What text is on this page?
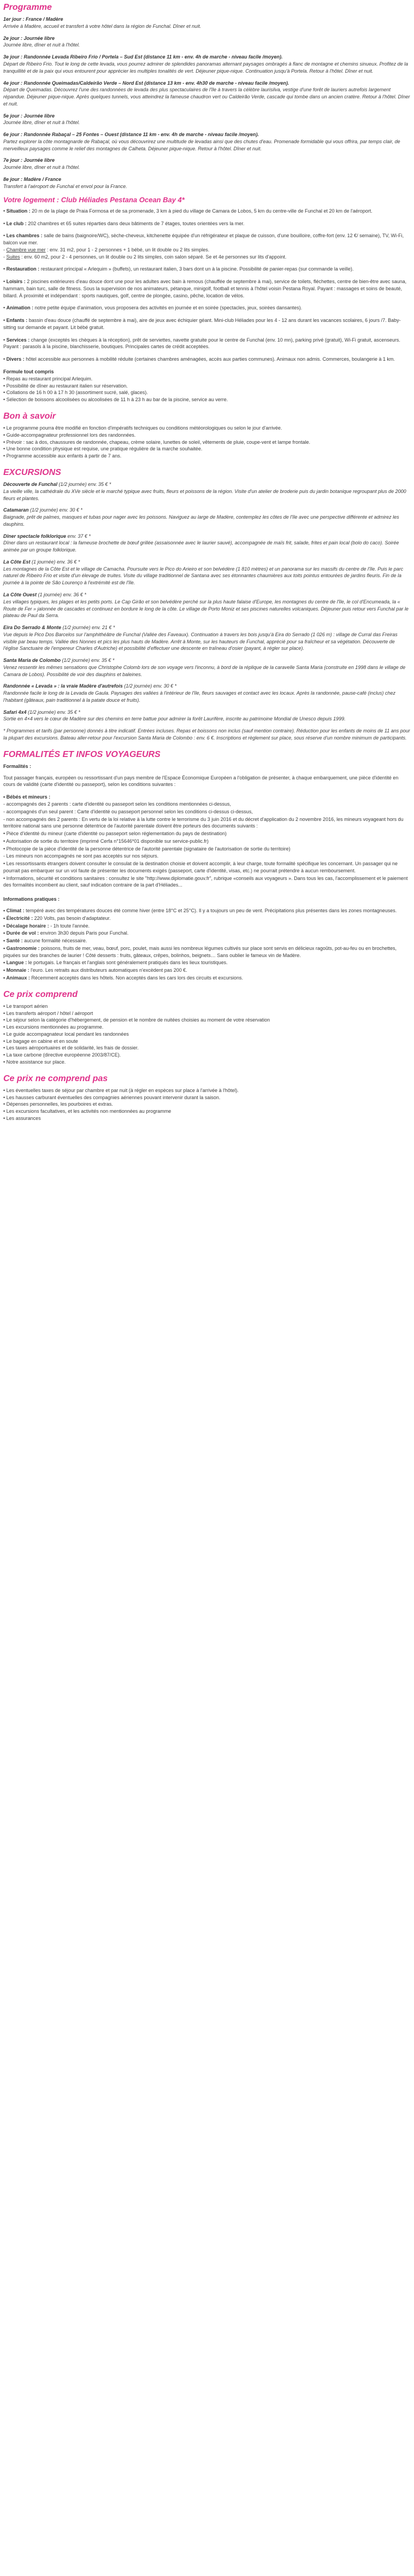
Programme
1er jour : France / Madère
Arrivée à Madère, accueil et transfert à votre hôtel dans la région de Funchal. Dîner et nuit.
2e jour : Journée libre
Journée libre, dîner et nuit à l'hôtel.
3e jour : Randonnée Levada Ribeiro Frio / Portela – Sud Est (distance 11 km - env. 4h de marche - niveau facile /moyen).
Départ de Ribeiro Frio. Tout le long de cette levada, vous pourrez admirer de splendides panoramas alternant paysages ombragés à flanc de montagne et chemins sinueux. Profitez de la tranquillité et de la paix qui vous entourent pour apprécier les multiples tonalités de vert. Déjeuner pique-nique. Continuation jusqu'à Portela. Retour à l'hôtel. Dîner et nuit.
4e jour : Randonnée Queimadas/Caldeirão Verde – Nord Est (distance 13 km - env. 4h30 de marche - niveau facile /moyen).
Départ de Queimadas. Découvrez l'une des randonnées de levada des plus spectaculaires de l'île à travers la célèbre laurisilva, vestige d'une forêt de lauriers autrefois largement répandue. Déjeuner pique-nique. Après quelques tunnels, vous atteindrez la fameuse chaudron vert ou Caldeirão Verde, cascade qui tombe dans un ancien cratère. Retour à l'hôtel. Dîner et nuit.
5e jour : Journée libre
Journée libre, dîner et nuit à l'hôtel.
6e jour : Randonnée Rabaçal – 25 Fontes – Ouest (distance 11 km - env. 4h de marche - niveau facile /moyen).
Partez explorer la côte montagnarde de Rabaçal, où vous découvrirez une multitude de levadas ainsi que des chutes d'eau. Promenade formidable qui vous offrira, par temps clair, de merveilleux paysages comme le relief des montagnes de Calheta. Déjeuner pique-nique. Retour à l'hôtel. Dîner et nuit.
7e jour : Journée libre
Journée libre, dîner et nuit à l'hôtel.
8e jour : Madère / France
Transfert à l'aéroport de Funchal et envol pour la France.
Votre logement : Club Héliades Pestana Ocean Bay 4*
• Situation : 20 m de la plage de Praia Formosa et de sa promenade, 3 km à pied du village de Camara de Lobos, 5 km du centre-ville de Funchal et 20 km de l'aéroport.
• Le club : 202 chambres et 65 suites réparties dans deux bâtiments de 7 étages, toutes orientées vers la mer.
• Les chambres : salle de bains (baignoire/WC), sèche-cheveux, kitchenette équipée d'un réfrigérateur et plaque de cuisson, d'une bouilloire, coffre-fort (env. 12 €/ semaine), TV, Wi-Fi, balcon vue mer.
- Chambre vue mer : env. 31 m2, pour 1 - 2 personnes + 1 bébé, un lit double ou 2 lits simples.
- Suites : env. 60 m2, pour 2 - 4 personnes, un lit double ou 2 lits simples, coin salon séparé. Se et 4e personnes sur lits d'appoint.
• Restauration : restaurant principal « Arlequim » (buffets), un restaurant italien, 3 bars dont un à la piscine. Possibilité de panier-repas (sur commande la veille).
• Loisirs : 2 piscines extérieures d'eau douce dont une pour les adultes avec bain à remous (chauffée de septembre à mai), service de toilets, fléchettes, centre de bien-être avec sauna, hammam, bain turc, salle de fitness. Sous la supervision de nos animateurs, pétanque, minigolf, football et tennis à l'hôtel voisin Pestana Royal. Payant : massages et soins de beauté, billard. À proximité et indépendant : sports nautiques, golf, centre de plongée, casino, pêche, location de vélos.
• Animation : notre petite équipe d'animation, vous proposera des activités en journée et en soirée (spectacles, jeux, soirées dansantes).
• Enfants : bassin d'eau douce (chauffé de septembre à mai), aire de jeux avec échiquier géant. Mini-club Héliades pour les 4 - 12 ans durant les vacances scolaires, 6 jours /7. Baby-sitting sur demande et payant. Lit bébé gratuit.
• Services : change (exceptés les chèques à la réception), prêt de serviettes, navette gratuite pour le centre de Funchal (env. 10 mn), parking privé (gratuit), Wi-Fi gratuit, ascenseurs. Payant : parasols à la piscine, blanchisserie, boutiques. Principales cartes de crédit acceptées.
• Divers : hôtel accessible aux personnes à mobilité réduite (certaines chambres aménagées, accès aux parties communes). Animaux non admis. Commerces, boulangerie à 1 km.
Formule tout compris
• Repas au restaurant principal Arlequim.
• Possibilité de dîner au restaurant italien sur réservation.
• Collations de 16 h 00 à 17 h 30 (assortiment sucré, salé, glaces).
• Sélection de boissons alcoolisées ou alcoolisées de 11 h à 23 h au bar de la piscine, service au verre.
Bon à savoir
• Le programme pourra être modifié en fonction d'impératifs techniques ou conditions météorologiques ou selon le jour d'arrivée.
• Guide-accompagnateur professionnel lors des randonnées.
• Prévoir : sac à dos, chaussures de randonnée, chapeau, crème solaire, lunettes de soleil, vêtements de pluie, coupe-vent et lampe frontale.
• Une bonne condition physique est requise, une pratique régulière de la marche souhaitée.
• Programme accessible aux enfants à partir de 7 ans.
EXCURSIONS
Découverte de Funchal (1/2 journée) env. 35 € *
La vieille ville, la cathédrale du XVe siècle et le marché typique avec fruits, fleurs et poissons de la région. Visite d'un atelier de broderie puis du jardin botanique regroupant plus de 2000 fleurs et plantes.
Catamaran (1/2 journée) env. 30 € *
Baignade, prêt de palmes, masques et tubas pour nager avec les poissons. Naviguez au large de Madère, contemplez les côtes de l'île avec une perspective différente et admirez les dauphins.
Dîner spectacle folklorique env. 37 € *
Dîner dans un restaurant local : la fameuse brochette de bœuf grillée (assaisonnée avec le laurier sauvé), accompagnée de maïs frit, salade, frites et pain local (bolo do caco). Soirée animée par un groupe folklorique.
La Côte Est (1 journée) env. 36 € *
Les montagnes de la Côte Est et le village de Camacha. Poursuite vers le Pico do Arieiro et son belvédère (1 810 mètres) et un panorama sur les massifs du centre de l'île. Puis le parc naturel de Ribeiro Frio et visite d'un élevage de truites. Visite du village traditionnel de Santana avec ses étonnantes chaumières aux toits pointus entourées de jardins fleuris. Fin de la journée à la pointe de São Lourenço à l'extrémité est de l'île.
La Côte Ouest (1 journée) env. 36 € *
Les villages typiques, les plages et les petits ports. Le Cap Girão et son belvédère perché sur la plus haute falaise d'Europe, les montagnes du centre de l'île, le col d'Encumeada, la « Route de Fer » jalonnée de cascades et continuez en bordure le long de la côte. Le village de Porto Moniz et ses piscines naturelles volcaniques. Déjeuner puis retour vers Funchal par le plateau de Paul da Serra.
Eira Do Serrado & Monte (1/2 journée) env. 21 € *
Vue depuis le Pico Dos Barcelos sur l'amphithéâtre de Funchal (Vallée des Faveaux). Continuation à travers les bois jusqu'à Eira do Serrado (1 026 m) : village de Curral das Freiras visible par beau temps. Vallée des Nonnes et pics les plus hauts de Madère. Arrêt à Monte, sur les hauteurs de Funchal, apprécié pour sa fraîcheur et sa végétation. Découverte de l'église Sanctuaire de l'empereur Charles d'Autriche) et possibilité d'effectuer une descente en traîneau d'osier (payant, à régler sur place).
Santa Maria de Colombo (1/2 journée) env. 35 € *
Venez ressentir les mêmes sensations que Christophe Colomb lors de son voyage vers l'inconnu, à bord de la réplique de la caravelle Santa Maria (construite en 1998 dans le village de Camara de Lobos). Possibilité de voir des dauphins et baleines.
Randonnée « Levada » : la vraie Madère d'autrefois (1/2 journée) env. 30 € *
Randonnée facile le long de la Levada de Gaula. Paysages des vallées à l'intérieur de l'île, fleurs sauvages et contact avec les locaux. Après la randonnée, pause-café (inclus) chez l'habitant (gâteaux, pain traditionnel à la patate douce et fruits).
Safari 4x4 (1/2 journée) env. 35 € *
Sortie en 4×4 vers le cœur de Madère sur des chemins en terre battue pour admirer la forêt Laurifère, inscrite au patrimoine Mondial de Unesco depuis 1999.
* Programmes et tarifs (par personne) donnés à titre indicatif. Entrées incluses. Repas et boissons non inclus (sauf mention contraire). Réduction pour les enfants de moins de 11 ans pour la plupart des excursions. Bateau aller-retour pour l'excursion Santa Maria de Colombo : env. 6 €. Inscriptions et règlement sur place, sous réserve d'un nombre minimum de participants.
FORMALITÉS ET INFOS VOYAGEURS
Formalités :
Tout passager français, européen ou ressortissant d'un pays membre de l'Espace Économique Européen a l'obligation de présenter, à chaque embarquement, une pièce d'identité en cours de validité (carte d'identité ou passeport), selon les conditions suivantes :
• Bébés et mineurs :
- accompagnés des 2 parents : carte d'identité ou passeport selon les conditions mentionnées ci-dessus,
- accompagnés d'un seul parent : Carte d'identité ou passeport personnel selon les conditions ci-dessus ci-dessus,
- non accompagnés des 2 parents : En vertu de la loi relative à la lutte contre le terrorisme du 3 juin 2016 et du décret d'application du 2 novembre 2016, les mineurs voyageant hors du territoire national sans une personne détentrice de l'autorité parentale doivent être porteurs des documents suivants :
• Pièce d'identité du mineur (carte d'identité ou passeport selon réglementation du pays de destination)
• Autorisation de sortie du territoire (imprimé Cerfa n°15646*01 disponible sur service-public.fr)
• Photocopie de la pièce d'identité de la personne détentrice de l'autorité parentale (signataire de l'autorisation de sortie du territoire)
- Les mineurs non accompagnés ne sont pas acceptés sur nos séjours.
• Les ressortissants étrangers doivent consulter le consulat de la destination choisie et doivent accomplir, à leur charge, toute formalité spécifique les concernant. Un passager qui ne pourrait pas embarquer sur un vol faute de présenter les documents exigés (passeport, carte d'identité, visas, etc.) ne pourrait prétendre à aucun remboursement.
• Informations, sécurité et conditions sanitaires : consultez le site "http://www.diplomatie.gouv.fr", rubrique «conseils aux voyageurs ». Dans tous les cas, l'accomplissement et le paiement des formalités incombent au client, sauf indication contraire de la part d'Héliades...
Informations pratiques :
• Climat : tempéré avec des températures douces été comme hiver (entre 18°C et 25°C). Il y a toujours un peu de vent. Précipitations plus présentes dans les zones montagneuses.
• Électricité : 220 Volts, pas besoin d'adaptateur.
• Décalage horaire : - 1h toute l'année.
• Durée de vol : environ 3h30 depuis Paris pour Funchal.
• Santé : aucune formalité nécessaire.
• Gastronomie : poissons, fruits de mer, veau, bœuf, porc, poulet, mais aussi les nombreux légumes cultivés sur place sont servis en délicieux ragoûts, pot-au-feu ou en brochettes, piquées sur des branches de laurier ! Côté desserts : fruits, gâteaux, crêpes, bolinhos, beignets… Sans oublier le fameux vin de Madère.
• Langue : le portugais. Le français et l'anglais sont généralement pratiqués dans les lieux touristiques.
• Monnaie : l'euro. Les retraits aux distributeurs automatiques n'excèdent pas 200 €.
• Animaux : Récemment acceptés dans les hôtels. Non acceptés dans les cars lors des circuits et excursions.
Ce prix comprend
• Le transport aérien
• Les transferts aéroport / hôtel / aéroport
• Le séjour selon la catégorie d'hébergement, de pension et le nombre de nuitées choisies au moment de votre réservation
• Les excursions mentionnées au programme.
• Le guide accompagnateur local pendant les randonnées
• Le bagage en cabine et en soute
• Les taxes aéroportuaires et de solidarité, les frais de dossier.
• La taxe carbone (directive européenne 2003/87/CE).
• Notre assistance sur place.
Ce prix ne comprend pas
• Les éventuelles taxes de séjour par chambre et par nuit (à régler en espèces sur place à l'arrivée à l'hôtel).
• Les hausses carburant éventuelles des compagnies aériennes pouvant intervenir durant la saison.
• Dépenses personnelles, les pourboires et extras.
• Les excursions facultatives, et les activités non mentionnées au programme
• Les assurances
